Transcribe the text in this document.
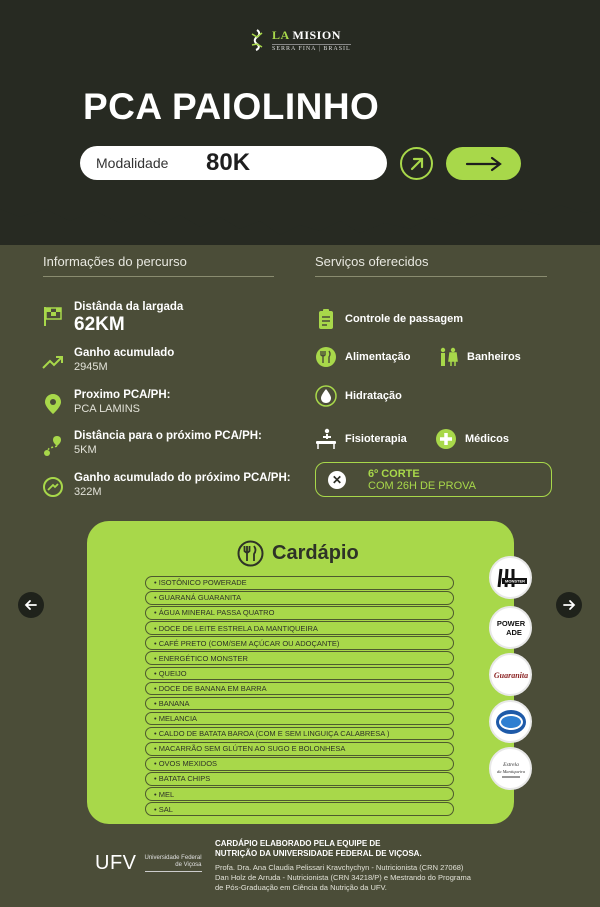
LA MISION
SERRA FINA | BRASIL
PCA PAIOLINHO
Modalidade	80K
Informações do percurso	Serviços oferecidos
Distânda da largada
62KM
Ganho acumulado
2945M
Proximo PCA/PH:
PCA LAMINS
Distância para o próximo PCA/PH:
5KM
Ganho acumulado do próximo PCA/PH:
322M
Controle de passagem
Alimentação	Banheiros
Hidratação
Fisioterapia	Médicos
✕	6º CORTE
COM 26H DE PROVA
Cardápio
• ISOTÔNICO POWERADE
• GUARANÁ GUARANITA
• ÁGUA MINERAL PASSA QUATRO
• DOCE DE LEITE ESTRELA DA MANTIQUEIRA
• CAFÉ PRETO (COM/SEM AÇÚCAR OU ADOÇANTE)
• ENERGÉTICO MONSTER
• QUEIJO
• DOCE DE BANANA EM BARRA
• BANANA
• MELANCIA
• CALDO DE BATATA BAROA (COM E SEM LINGUIÇA CALABRESA )
• MACARRÃO SEM GLÚTEN AO SUGO E BOLONHESA
• OVOS MEXIDOS
• BATATA CHIPS
• MEL
• SAL
MONSTER
POWER
ADE
Guaranita
Estrela
da Mantiqueira
UFV Universidade Federal
de Viçosa
CARDÁPIO ELABORADO PELA EQUIPE DE
NUTRIÇÃO DA UNIVERSIDADE FEDERAL DE VIÇOSA.
Profa. Dra. Ana Claudia Pelissari Kravchychyn - Nutricionista (CRN 27068)
Dan Holz de Arruda - Nutricionista (CRN 34218/P) e Mestrando do Programa
de Pós-Graduação em Ciência da Nutrição da UFV.
